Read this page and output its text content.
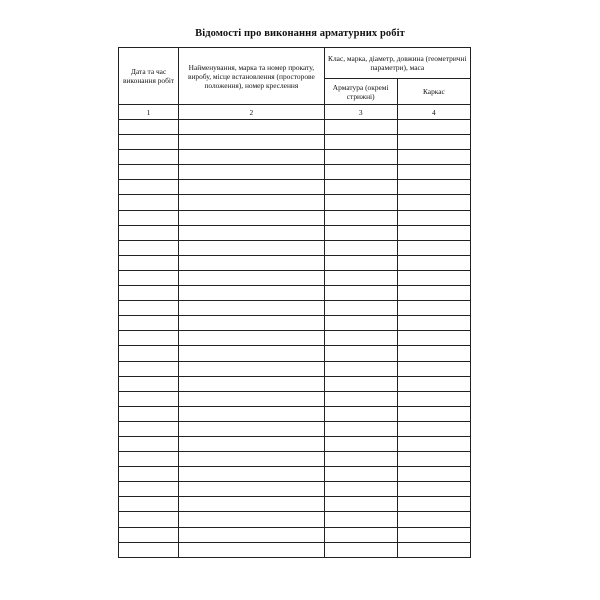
Відомості про виконання арматурних робіт
Дата та час виконання робіт	Найменування, марка та номер прокату, виробу, місце встановлення (просторове положення), номер креслення	Клас, марка, діаметр, довжина (геометричні параметри), маса	

		Арматура (окремі стрижні)	Каркас

1	2	3	4
